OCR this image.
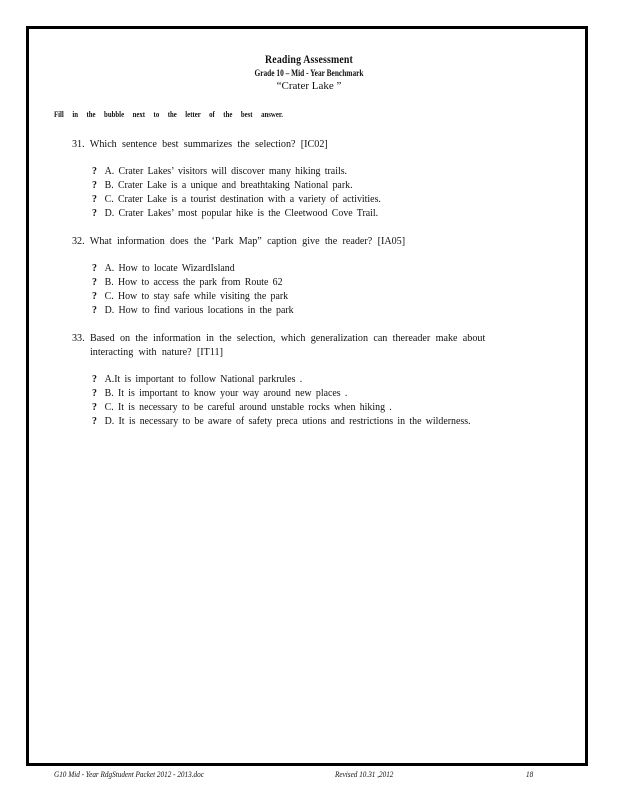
Reading Assessment
Grade 10 – Mid - Year Benchmark
“Crater Lake ”
Fill in the bubble next to the letter of the best answer.
31. Which sentence best summarizes the selection? [IC02]
? A. Crater Lakes’ visitors will discover many hiking trails.
? B. Crater Lake is a unique and breathtaking National park.
? C. Crater Lake is a tourist destination with a variety of activities.
? D. Crater Lakes’ most popular hike is the Cleetwood Cove Trail.
32. What information does the ‘Park Map” caption give the reader? [IA05]
? A. How to locate WizardIsland
? B. How to access the park from Route 62
? C. How to stay safe while visiting the park
? D. How to find various locations in the park
33. Based on the information in the selection, which generalization can thereader make about
interacting with nature? [IT11]
? A.It is important to follow National parkrules .
? B. It is important to know your way around new places .
? C. It is necessary to be careful around unstable rocks when hiking .
? D. It is necessary to be aware of safety preca utions and restrictions in the wilderness.
G10 Mid - Year RdgStudent Packet 2012 - 2013.doc	Revised 10.31 ,2012	18
